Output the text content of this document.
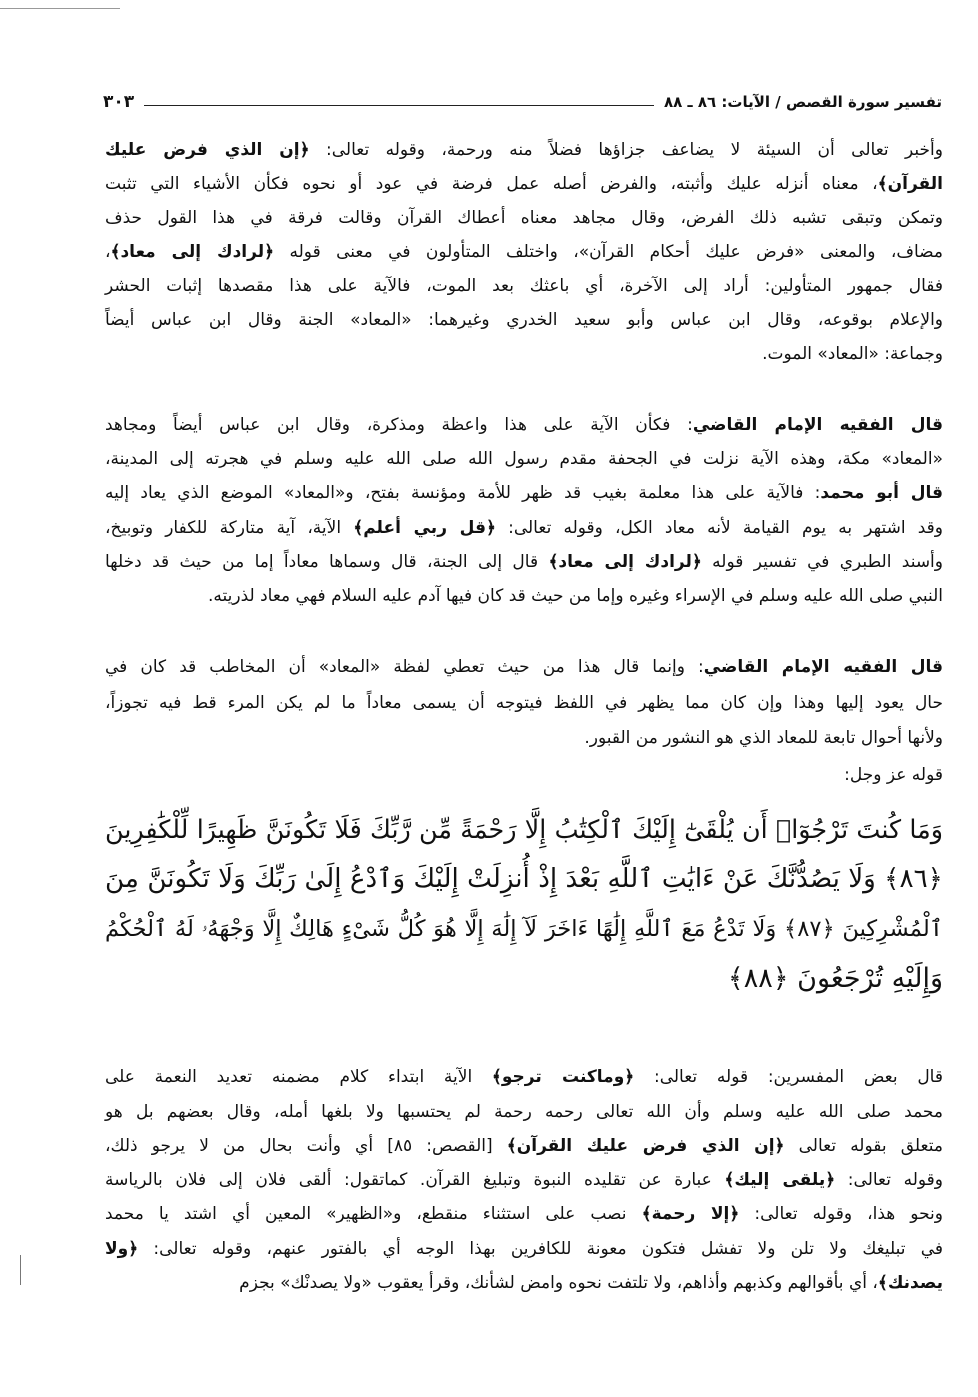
تفسير سورة القصص / الآيات: ٨٦ ـ ٨٨
٣٠٣
وأخبر تعالى أن السيئة لا يضاعف جزاؤها فضلاً منه ورحمة، وقوله تعالى: ﴿إن الذي فرض عليك
القرآن﴾، معناه أنزله عليك وأثبته، والفرض أصله عمل فرضة في عود أو نحوه فكأن الأشياء التي تثبت
وتمكن وتبقى تشبه ذلك الفرض، وقال مجاهد معناه أعطاك القرآن وقالت فرقة في هذا القول حذف
مضاف، والمعنى «فرض عليك أحكام القرآن»، واختلف المتأولون في معنى قوله ﴿لرادك إلى معاد﴾،
فقال جمهور المتأولين: أراد إلى الآخرة، أي باعثك بعد الموت، فالآية على هذا مقصدها إثبات الحشر
والإعلام بوقوعه، وقال ابن عباس وأبو سعيد الخدري وغيرهما: «المعاد» الجنة وقال ابن عباس أيضاً
وجماعة: «المعاد» الموت.
قال الفقيه الإمام القاضي: فكأن الآية على هذا واعظة ومذكرة، وقال ابن عباس أيضاً ومجاهد
«المعاد» مكة، وهذه الآية نزلت في الجحفة مقدم رسول الله صلى الله عليه وسلم في هجرته إلى المدينة،
قال أبو محمد: فالآية على هذا معلمة بغيب قد ظهر للأمة ومؤنسة بفتح، و«المعاد» الموضع الذي يعاد إليه
وقد اشتهر به يوم القيامة لأنه معاد الكل، وقوله تعالى: ﴿قل ربي أعلم﴾ الآية، آية متاركة للكفار وتوبيخ،
وأسند الطبري في تفسير قوله ﴿لرادك إلى معاد﴾ قال إلى الجنة، قال وسماها معاداً إما من حيث قد دخلها
النبي صلى الله عليه وسلم في الإسراء وغيره وإما من حيث قد كان فيها آدم عليه السلام فهي معاد لذريته.
قال الفقيه الإمام القاضي: وإنما قال هذا من حيث تعطي لفظة «المعاد» أن المخاطب قد كان في
حال يعود إليها وهذا وإن كان مما يظهر في اللفظ فيتوجه أن يسمى معاداً ما لم يكن المرء قط فيه تجوزاً،
ولأنها أحوال تابعة للمعاد الذي هو النشور من القبور.
قوله عز وجل:
قال بعض المفسرين: قوله تعالى: ﴿وماكنت ترجو﴾ الآية ابتداء كلام مضمنه تعديد النعمة على
محمد صلى الله عليه وسلم وأن الله تعالى رحمه رحمة لم يحتسبها ولا بلغها أمله، وقال بعضهم بل هو
متعلق بقوله تعالى ﴿إن الذي فرض عليك القرآن﴾ [القصص: ٨٥] أي وأنت بحال من لا يرجو ذلك،
وقوله تعالى: ﴿يلقى إليك﴾ عبارة عن تقليده النبوة وتبليغ القرآن. كماتقول: ألقى فلان إلى فلان بالرياسة
ونحو هذا، وقوله تعالى: ﴿إلا رحمة﴾ نصب على استثناء منقطع، و«الظهير» المعين أي اشتد يا محمد
في تبليغك ولا تلن ولا تفشل فتكون معونة للكافرين بهذا الوجه أي بالفتور عنهم، وقوله تعالى: ﴿ولا
يصدنك﴾، أي بأقوالهم وكذبهم وأذاهم، ولا تلتفت نحوه وامض لشأنك، وقرأ يعقوب «ولا يصدنْك» بجزم
وَمَا كُنتَ تَرْجُوٓا۟ أَن يُلْقَىٰٓ إِلَيْكَ ٱلْكِتَٰبُ إِلَّا رَحْمَةً مِّن رَّبِّكَ فَلَا تَكُونَنَّ ظَهِيرًا لِّلْكَٰفِرِينَ
﴿٨٦﴾ وَلَا يَصُدُّنَّكَ عَنْ ءَايَٰتِ ٱللَّهِ بَعْدَ إِذْ أُنزِلَتْ إِلَيْكَ وَٱدْعُ إِلَىٰ رَبِّكَ وَلَا تَكُونَنَّ مِنَ
ٱلْمُشْرِكِينَ ﴿٨٧﴾ وَلَا تَدْعُ مَعَ ٱللَّهِ إِلَٰهًا ءَاخَرَ لَآ إِلَٰهَ إِلَّا هُوَ كُلُّ شَىْءٍ هَالِكٌ إِلَّا وَجْهَهُۥ لَهُ ٱلْحُكْمُ
وَإِلَيْهِ تُرْجَعُونَ ﴿٨٨﴾
